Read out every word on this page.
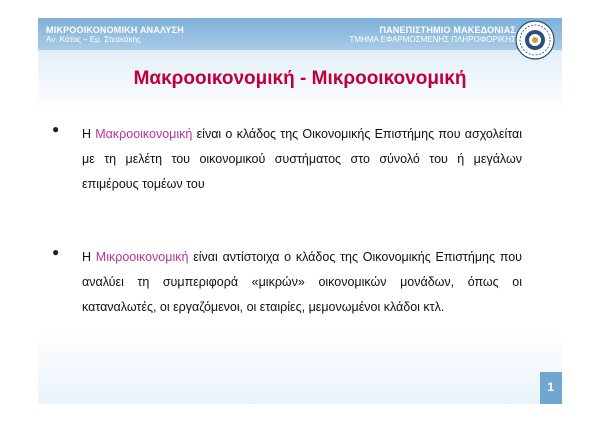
ΜΙΚΡΟΟΙΚΟΝΟΜΙΚΗ ΑΝΑΛΥΣΗ
Αν. Κάτος – Εμ. Στεακάκης
ΠΑΝΕΠΙΣΤΗΜΙΟ ΜΑΚΕΔΟΝΙΑΣ
ΤΜΗΜΑ ΕΦΑΡΜΟΣΜΕΝΗΣ ΠΛΗΡΟΦΟΡΙΚΗΣ
Μακροοικονομική - Μικροοικονομική
● Η Μακροοικονομική είναι ο κλάδος της Οικονομικής Επιστήμης που ασχολείται με τη μελέτη του οικονομικού συστήματος στο σύνολό του ή μεγάλων επιμέρους τομέων του
● Η Μικροοικονομική είναι αντίστοιχα ο κλάδος της Οικονομικής Επιστήμης που αναλύει τη συμπεριφορά «μικρών» οικονομικών μονάδων, όπως οι καταναλωτές, οι εργαζόμενοι, οι εταιρίες, μεμονωμένοι κλάδοι κτλ.
1
